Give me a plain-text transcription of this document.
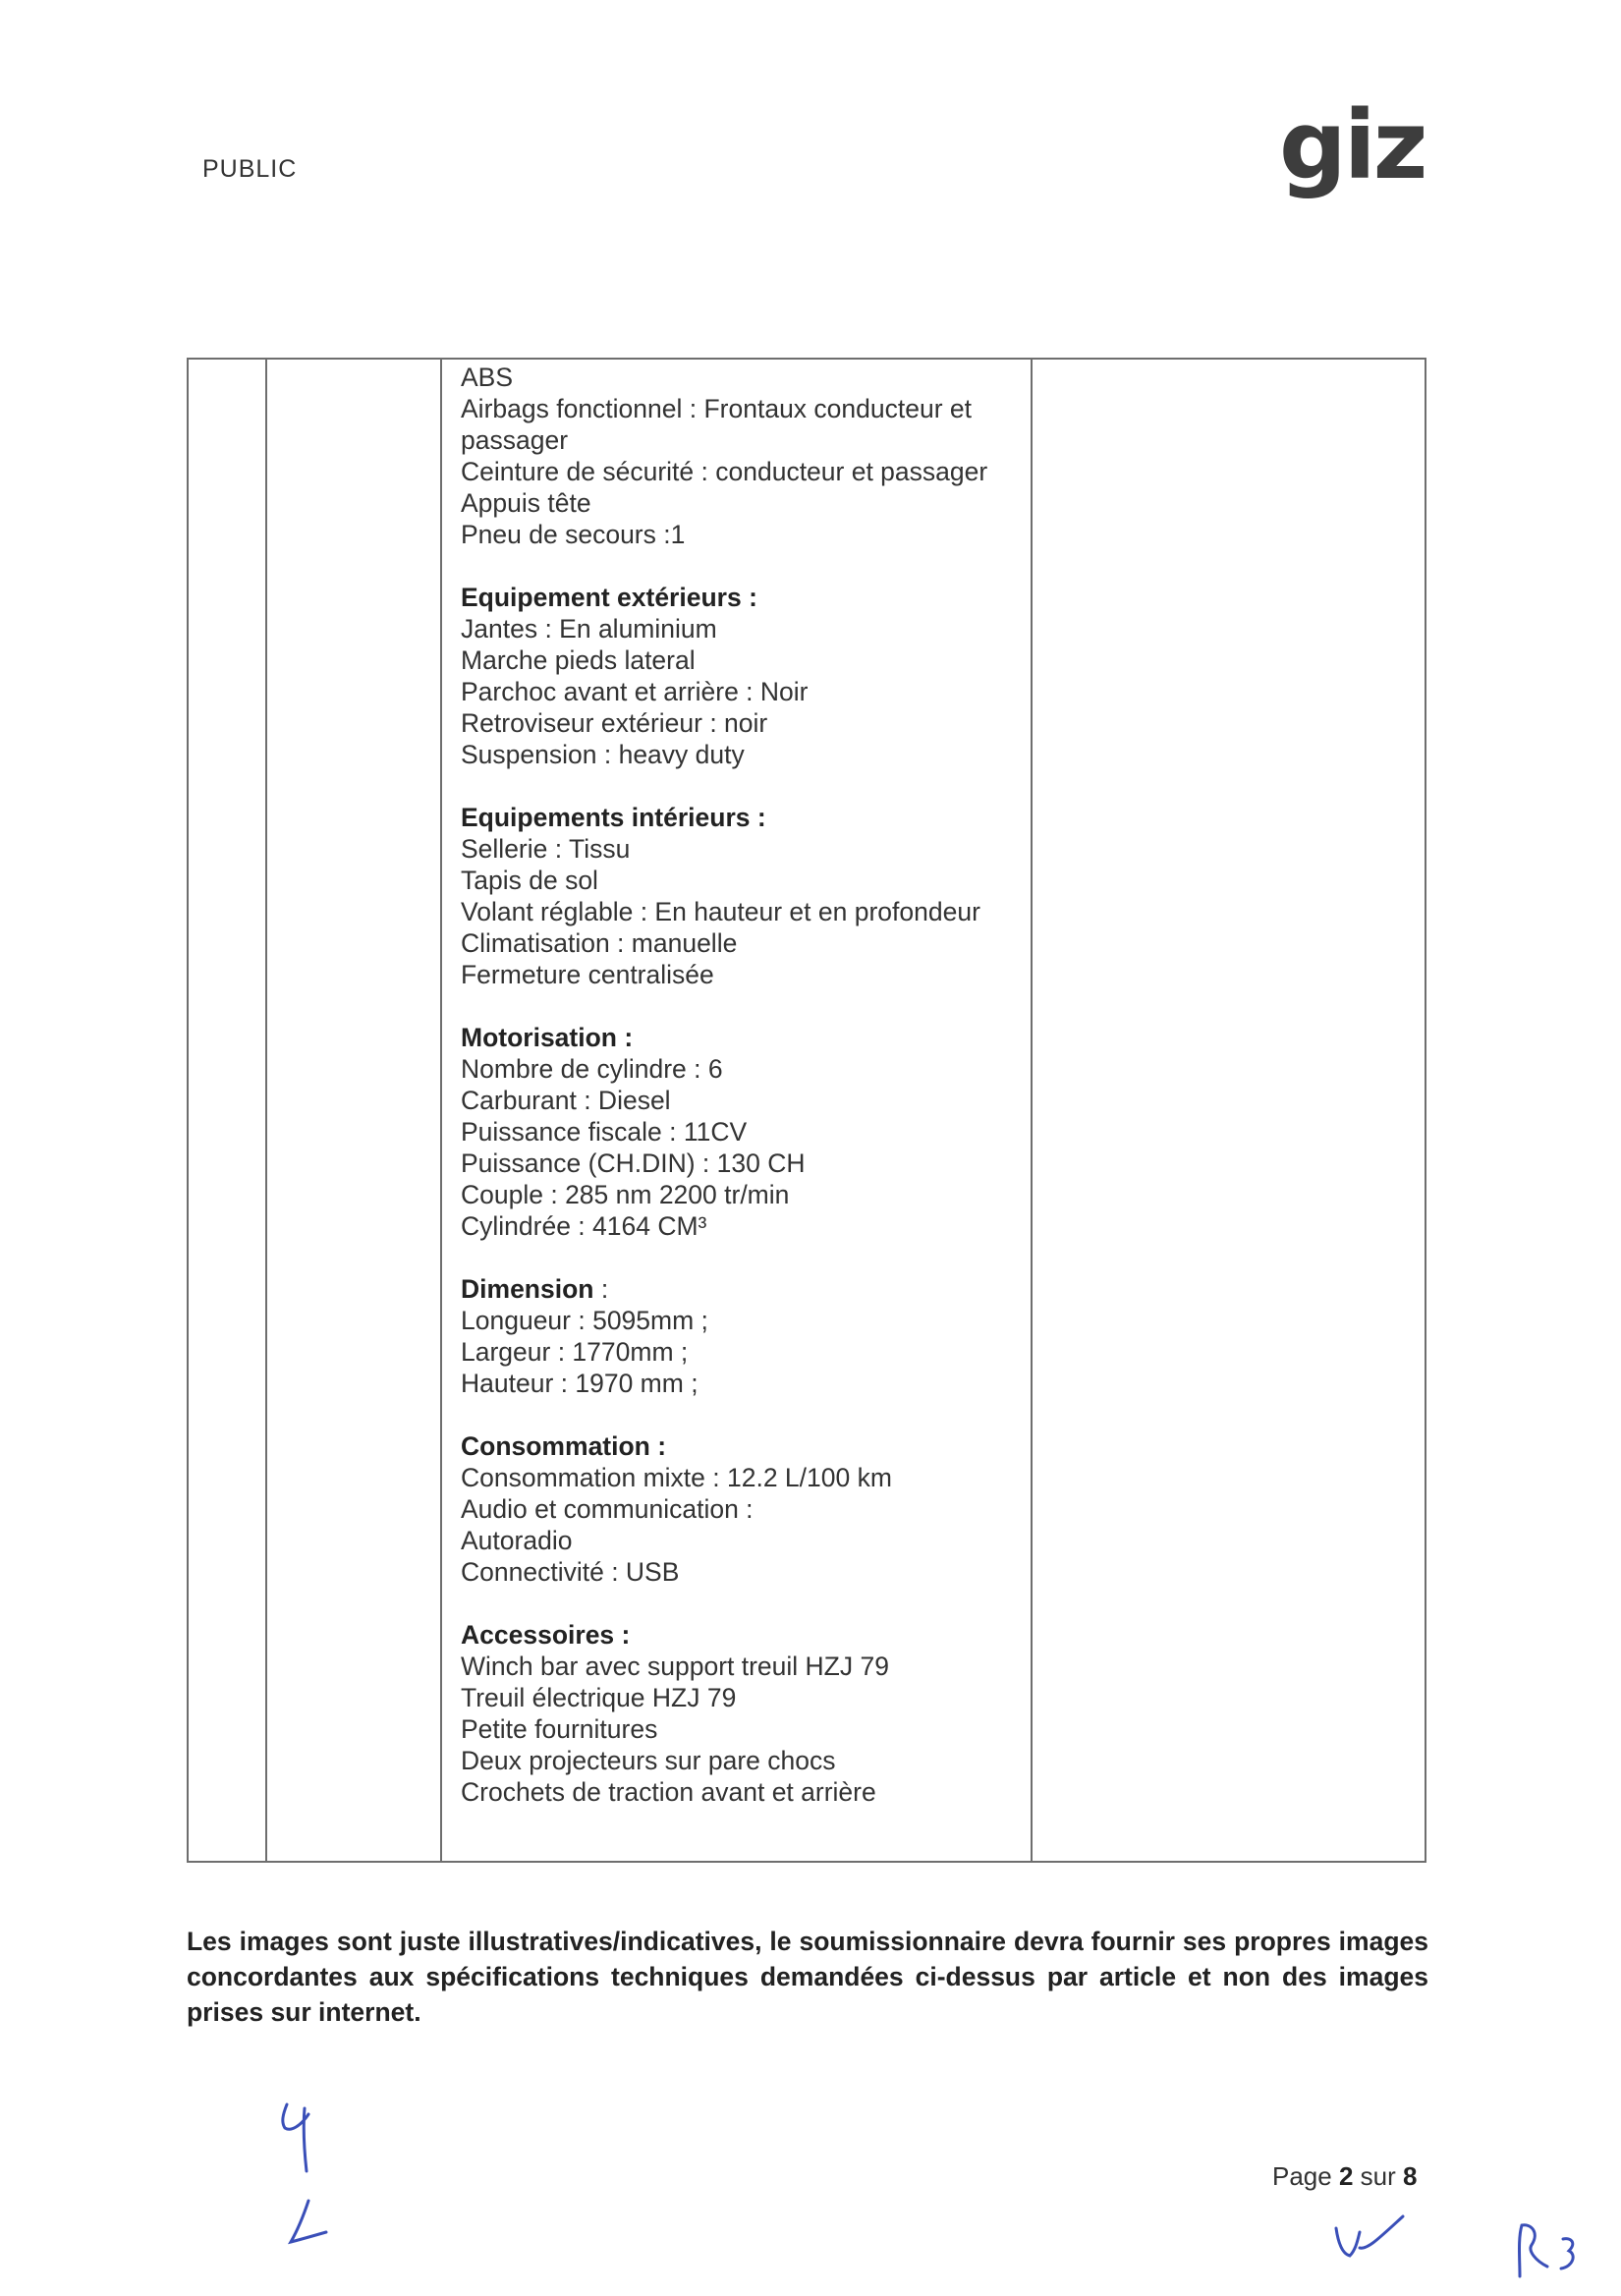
PUBLIC	giz
ABS
Airbags fonctionnel : Frontaux conducteur et passager
Ceinture de sécurité : conducteur et passager
Appuis tête
Pneu de secours :1
Equipement extérieurs :
Jantes : En aluminium
Marche pieds lateral
Parchoc avant et arrière : Noir
Retroviseur extérieur : noir
Suspension : heavy duty
Equipements intérieurs :
Sellerie : Tissu
Tapis de sol
Volant réglable : En hauteur et en profondeur
Climatisation : manuelle
Fermeture centralisée
Motorisation :
Nombre de cylindre : 6
Carburant : Diesel
Puissance fiscale : 11CV
Puissance (CH.DIN) : 130 CH
Couple : 285 nm 2200 tr/min
Cylindrée : 4164 CM³
Dimension :
Longueur : 5095mm ;
Largeur : 1770mm ;
Hauteur : 1970 mm ;
Consommation :
Consommation mixte : 12.2 L/100 km
Audio et communication :
Autoradio
Connectivité : USB
Accessoires :
Winch bar avec support treuil HZJ 79
Treuil électrique HZJ 79
Petite fournitures
Deux projecteurs sur pare chocs
Crochets de traction avant et arrière
Les images sont juste illustratives/indicatives, le soumissionnaire devra fournir ses propres images concordantes aux spécifications techniques demandées ci-dessus par article et non des images prises sur internet.
Page 2 sur 8
